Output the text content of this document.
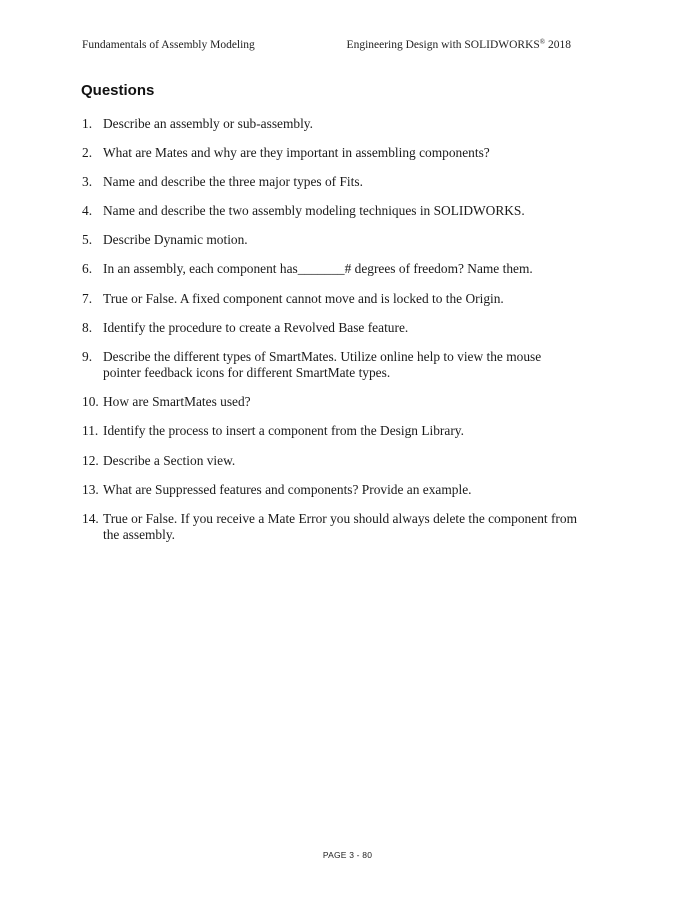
Fundamentals of Assembly Modeling	Engineering Design with SOLIDWORKS® 2018
Questions
1. Describe an assembly or sub-assembly.
2. What are Mates and why are they important in assembling components?
3. Name and describe the three major types of Fits.
4. Name and describe the two assembly modeling techniques in SOLIDWORKS.
5. Describe Dynamic motion.
6. In an assembly, each component has_______# degrees of freedom? Name them.
7. True or False. A fixed component cannot move and is locked to the Origin.
8. Identify the procedure to create a Revolved Base feature.
9. Describe the different types of SmartMates. Utilize online help to view the mouse pointer feedback icons for different SmartMate types.
10. How are SmartMates used?
11. Identify the process to insert a component from the Design Library.
12. Describe a Section view.
13. What are Suppressed features and components? Provide an example.
14. True or False. If you receive a Mate Error you should always delete the component from the assembly.
PAGE 3 - 80
